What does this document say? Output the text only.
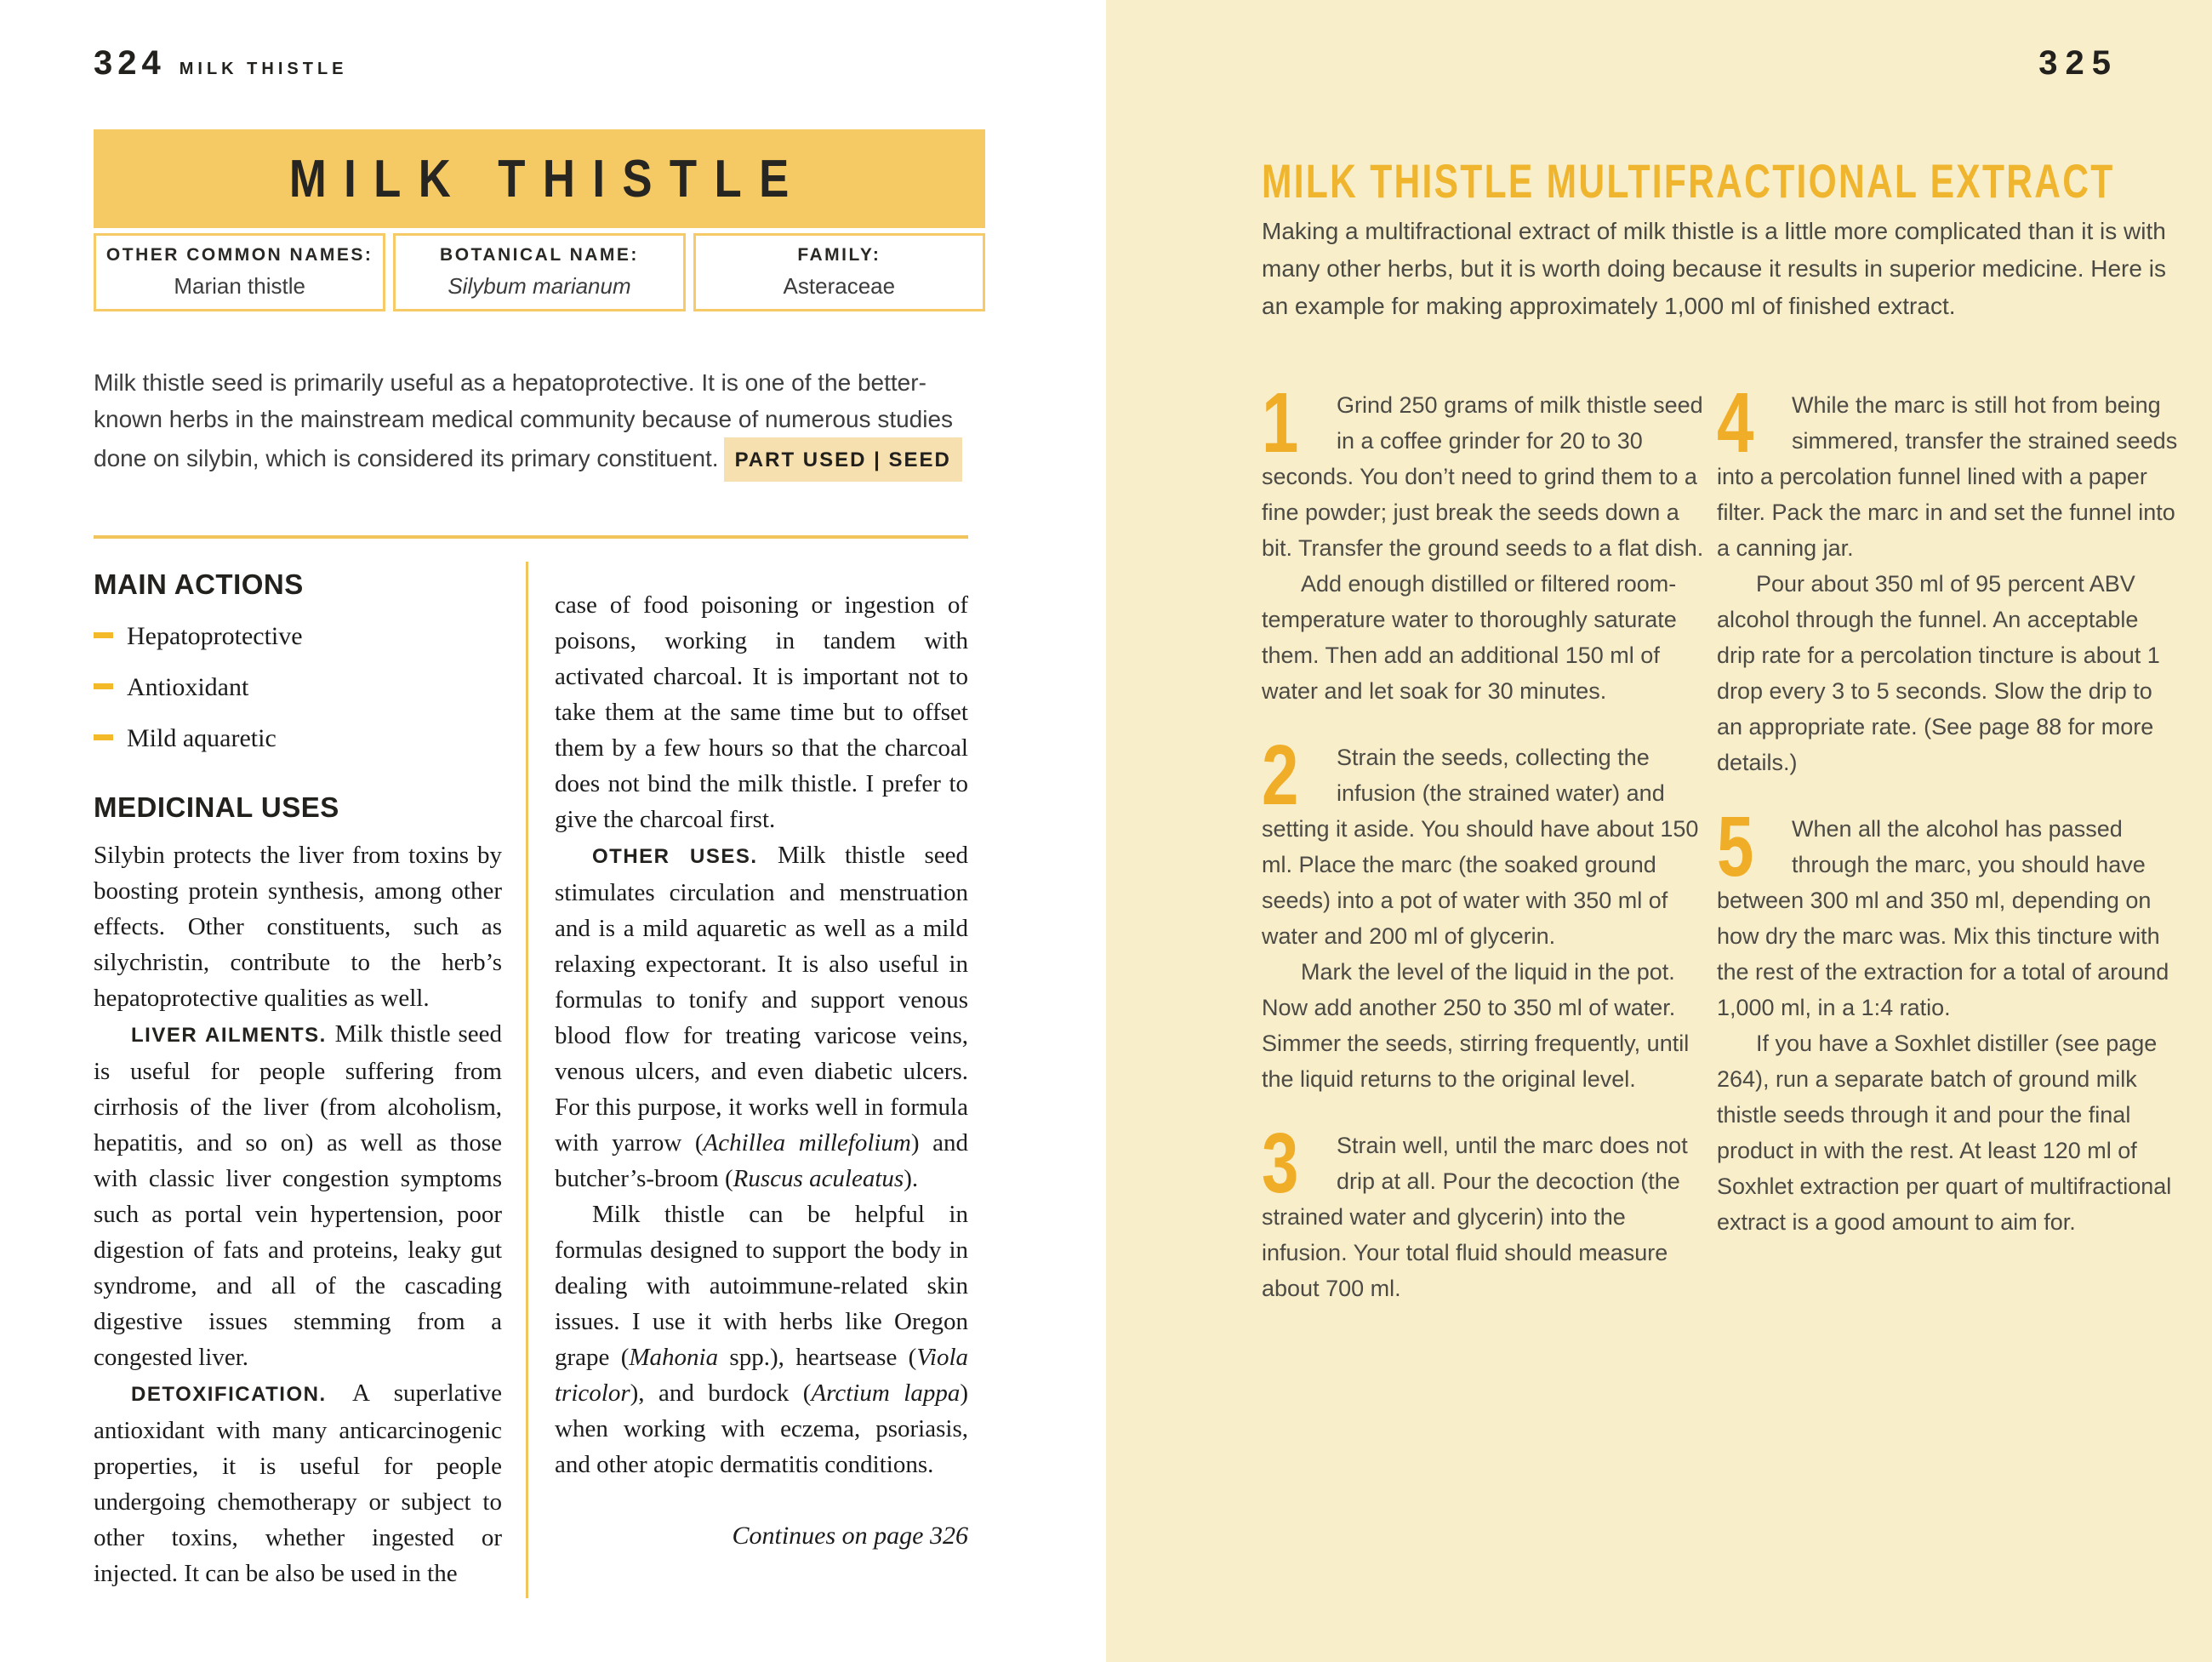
324 MILK THISTLE
MILK THISTLE
OTHER COMMON NAMES:
Marian thistle
BOTANICAL NAME:
Silybum marianum
FAMILY:
Asteraceae
Milk thistle seed is primarily useful as a hepatoprotective. It is one of the better-known herbs in the mainstream medical community because of numerous studies done on silybin, which is considered its primary constituent. PART USED | SEED
MAIN ACTIONS
Hepatoprotective
Antioxidant
Mild aquaretic
MEDICINAL USES

Silybin protects the liver from toxins by boosting protein synthesis, among other effects. Other constituents, such as silychristin, contribute to the herb’s hepatoprotective qualities as well.

LIVER AILMENTS. Milk thistle seed is useful for people suffering from cirrhosis of the liver (from alcoholism, hepatitis, and so on) as well as those with classic liver congestion symptoms such as portal vein hypertension, poor digestion of fats and proteins, leaky gut syndrome, and all of the cascading digestive issues stemming from a congested liver.

DETOXIFICATION. A superlative antioxidant with many anticarcinogenic properties, it is useful for people undergoing chemotherapy or subject to other toxins, whether ingested or injected. It can be also be used in the

case of food poisoning or ingestion of poisons, working in tandem with activated charcoal. It is important not to take them at the same time but to offset them by a few hours so that the charcoal does not bind the milk thistle. I prefer to give the charcoal first.

OTHER USES. Milk thistle seed stimulates circulation and menstruation and is a mild aquaretic as well as a mild relaxing expectorant. It is also useful in formulas to tonify and support venous blood flow for treating varicose veins, venous ulcers, and even diabetic ulcers. For this purpose, it works well in formula with yarrow (Achillea millefolium) and butcher’s-broom (Ruscus aculeatus).

Milk thistle can be helpful in formulas designed to support the body in dealing with autoimmune-related skin issues. I use it with herbs like Oregon grape (Mahonia spp.), heartsease (Viola tricolor), and burdock (Arctium lappa) when working with eczema, psoriasis, and other atopic dermatitis conditions.

Continues on page 326
325
MILK THISTLE MULTIFRACTIONAL EXTRACT
Making a multifractional extract of milk thistle is a little more complicated than it is with many other herbs, but it is worth doing because it results in superior medicine. Here is an example for making approximately 1,000 ml of finished extract.
1	Grind 250 grams of milk thistle seed in a coffee grinder for 20 to 30 seconds. You don’t need to grind them to a fine powder; just break the seeds down a bit. Transfer the ground seeds to a flat dish.

Add enough distilled or filtered room-temperature water to thoroughly saturate them. Then add an additional 150 ml of water and let soak for 30 minutes.

2	Strain the seeds, collecting the infusion (the strained water) and setting it aside. You should have about 150 ml. Place the marc (the soaked ground seeds) into a pot of water with 350 ml of water and 200 ml of glycerin.

Mark the level of the liquid in the pot. Now add another 250 to 350 ml of water. Simmer the seeds, stirring frequently, until the liquid returns to the original level.

3	Strain well, until the marc does not drip at all. Pour the decoction (the strained water and glycerin) into the infusion. Your total fluid should measure about 700 ml.

4	While the marc is still hot from being simmered, transfer the strained seeds into a percolation funnel lined with a paper filter. Pack the marc in and set the funnel into a canning jar.

Pour about 350 ml of 95 percent ABV alcohol through the funnel. An acceptable drip rate for a percolation tincture is about 1 drop every 3 to 5 seconds. Slow the drip to an appropriate rate. (See page 88 for more details.)

5	When all the alcohol has passed through the marc, you should have between 300 ml and 350 ml, depending on how dry the marc was. Mix this tincture with the rest of the extraction for a total of around 1,000 ml, in a 1:4 ratio.

If you have a Soxhlet distiller (see page 264), run a separate batch of ground milk thistle seeds through it and pour the final product in with the rest. At least 120 ml of Soxhlet extraction per quart of multifractional extract is a good amount to aim for.
